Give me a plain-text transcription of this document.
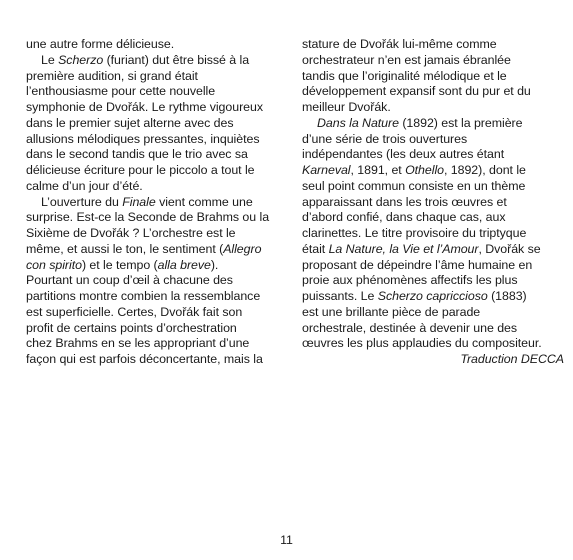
une autre forme délicieuse.
Le Scherzo (furiant) dut être bissé à la
première audition, si grand était
l’enthousiasme pour cette nouvelle
symphonie de Dvořák. Le rythme vigoureux
dans le premier sujet alterne avec des
allusions mélodiques pressantes, inquiètes
dans le second tandis que le trio avec sa
délicieuse écriture pour le piccolo a tout le
calme d’un jour d’été.
L’ouverture du Finale vient comme une
surprise. Est-ce la Seconde de Brahms ou la
Sixième de Dvořák ? L’orchestre est le
même, et aussi le ton, le sentiment (Allegro
con spirito) et le tempo (alla breve).
Pourtant un coup d’œil à chacune des
partitions montre combien la ressemblance
est superficielle. Certes, Dvořák fait son
profit de certains points d’orchestration
chez Brahms en se les appropriant d’une
façon qui est parfois déconcertante, mais la
stature de Dvořák lui-même comme
orchestrateur n’en est jamais ébranlée
tandis que l’originalité mélodique et le
développement expansif sont du pur et du
meilleur Dvořák.
Dans la Nature (1892) est la première
d’une série de trois ouvertures
indépendantes (les deux autres étant
Karneval, 1891, et Othello, 1892), dont le
seul point commun consiste en un thème
apparaissant dans les trois œuvres et
d’abord confié, dans chaque cas, aux
clarinettes. Le titre provisoire du triptyque
était La Nature, la Vie et l’Amour, Dvořák se
proposant de dépeindre l’âme humaine en
proie aux phénomènes affectifs les plus
puissants. Le Scherzo capriccioso (1883)
est une brillante pièce de parade
orchestrale, destinée à devenir une des
œuvres les plus applaudies du compositeur.
Traduction DECCA
11
